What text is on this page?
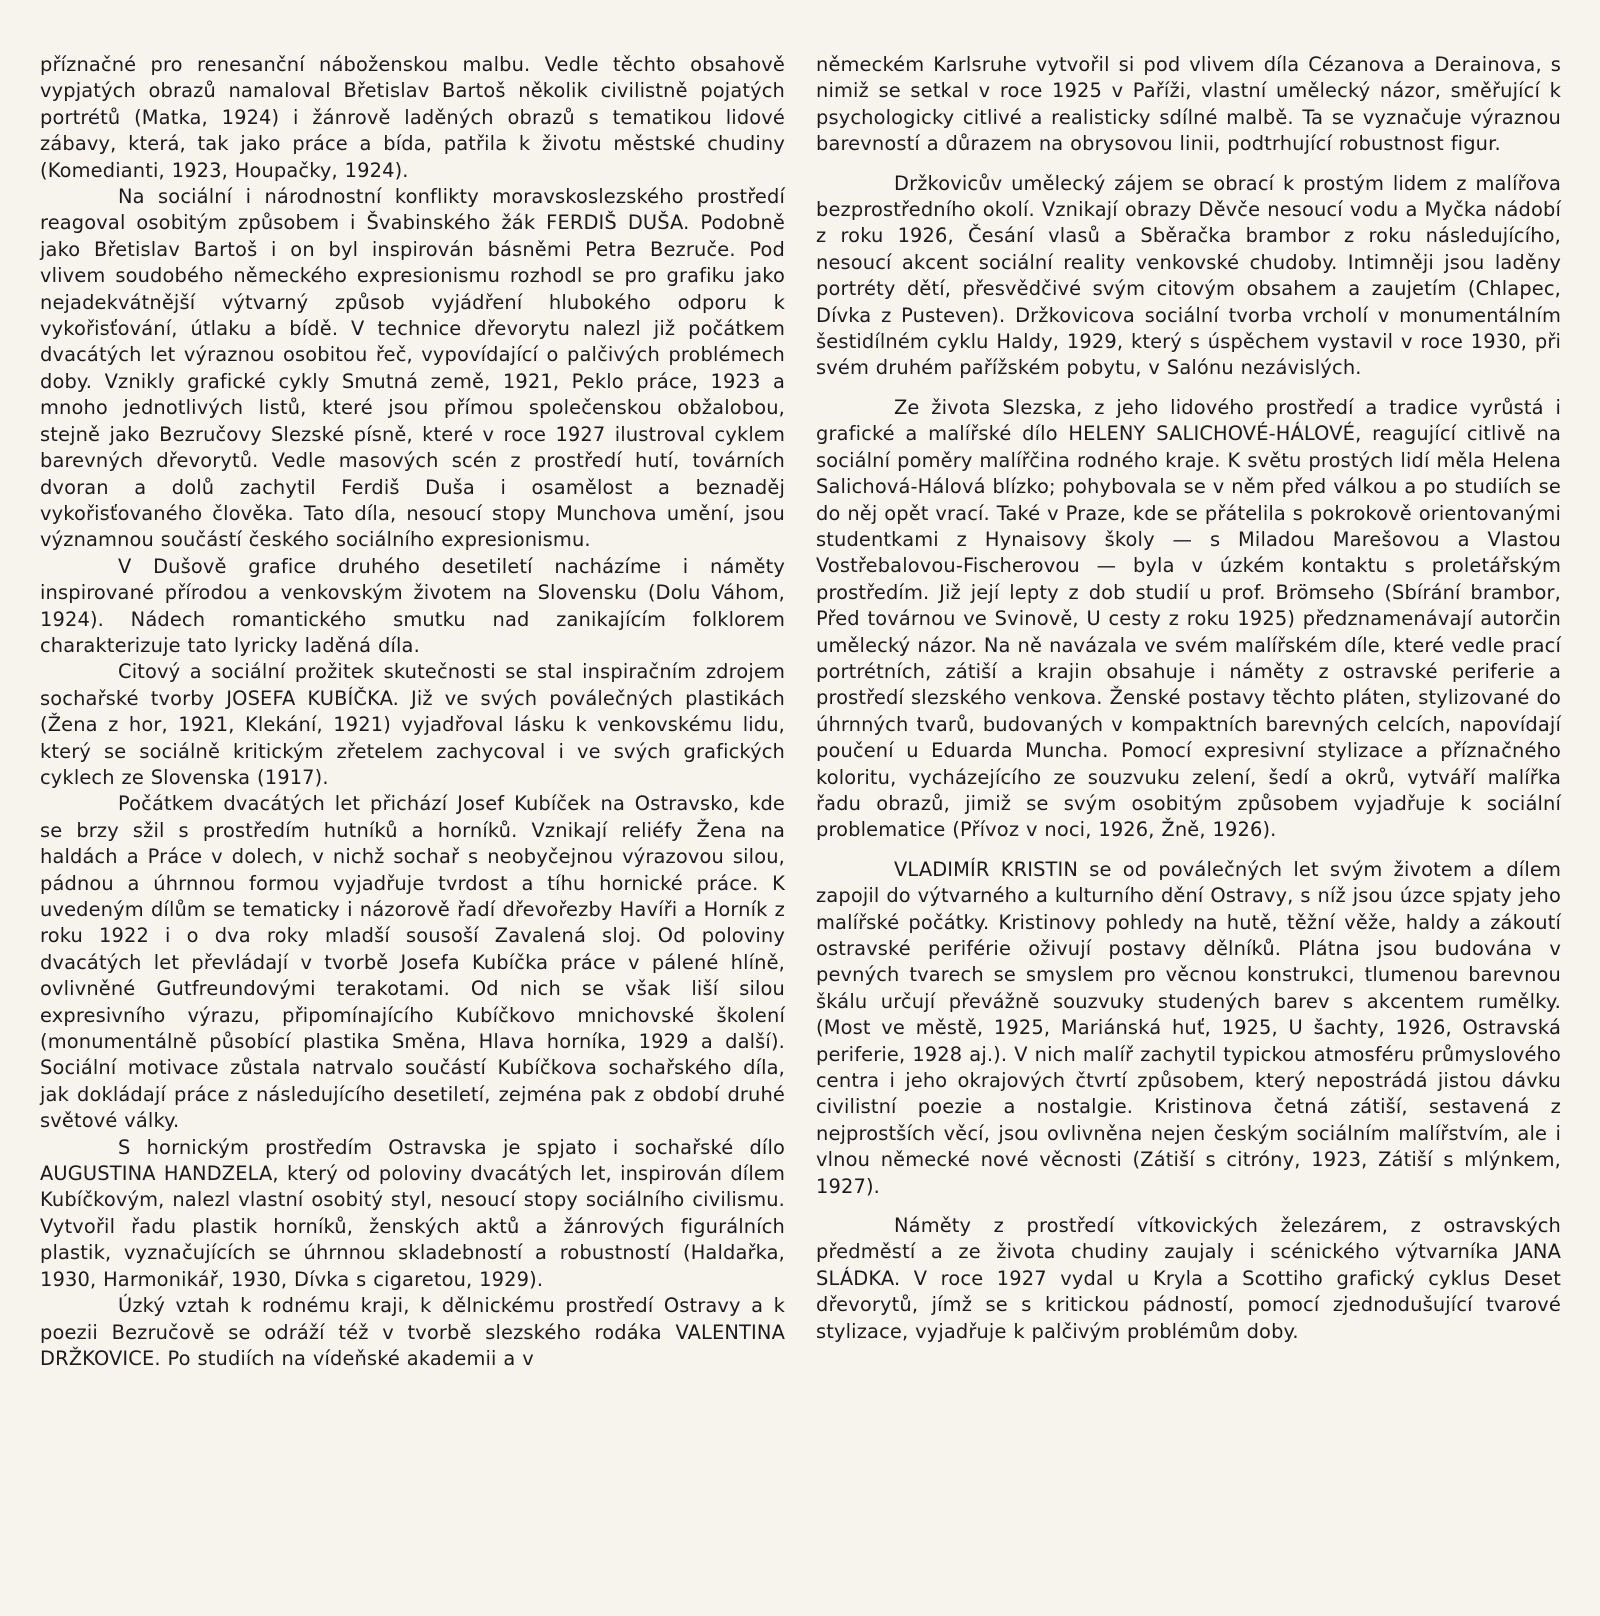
příznačné pro renesanční náboženskou malbu. Vedle těchto obsahově vypjatých obrazů namaloval Břetislav Bartoš několik civilistně pojatých portrétů (Matka, 1924) i žánrově laděných obrazů s tematikou lidové zábavy, která, tak jako práce a bída, patřila k životu městské chudiny (Komedianti, 1923, Houpačky, 1924).

Na sociální i národnostní konflikty moravskoslezského prostředí reagoval osobitým způsobem i Švabinského žák FERDIŠ DUŠA. Podobně jako Břetislav Bartoš i on byl inspirován básněmi Petra Bezruče. Pod vlivem soudobého německého expresionismu rozhodl se pro grafiku jako nejadekvátnější výtvarný způsob vyjádření hlubokého odporu k vykořisťování, útlaku a bídě. V technice dřevorytu nalezl již počátkem dvacátých let výraznou osobitou řeč, vypovídající o palčivých problémech doby. Vznikly grafické cykly Smutná země, 1921, Peklo práce, 1923 a mnoho jednotlivých listů, které jsou přímou společenskou obžalobou, stejně jako Bezručovy Slezské písně, které v roce 1927 ilustroval cyklem barevných dřevorytů. Vedle masových scén z prostředí hutí, továrních dvoran a dolů zachytil Ferdiš Duša i osamělost a beznaděj vykořisťovaného člověka. Tato díla, nesoucí stopy Munchova umění, jsou významnou součástí českého sociálního expresionismu.

V Dušově grafice druhého desetiletí nacházíme i náměty inspirované přírodou a venkovským životem na Slovensku (Dolu Váhom, 1924). Nádech romantického smutku nad zanikajícím folklorem charakterizuje tato lyricky laděná díla.

Citový a sociální prožitek skutečnosti se stal inspiračním zdrojem sochařské tvorby JOSEFA KUBÍČKA. Již ve svých poválečných plastikách (Žena z hor, 1921, Klekání, 1921) vyjadřoval lásku k venkovskému lidu, který se sociálně kritickým zřetelem zachycoval i ve svých grafických cyklech ze Slovenska (1917).

Počátkem dvacátých let přichází Josef Kubíček na Ostravsko, kde se brzy sžil s prostředím hutníků a horníků. Vznikají reliéfy Žena na haldách a Práce v dolech, v nichž sochař s neobyčejnou výrazovou silou, pádnou a úhrnnou formou vyjadřuje tvrdost a tíhu hornické práce. K uvedeným dílům se tematicky i názorově řadí dřevořezby Havíři a Horník z roku 1922 i o dva roky mladší sousoší Zavalená sloj. Od poloviny dvacátých let převládají v tvorbě Josefa Kubíčka práce v pálené hlíně, ovlivněné Gutfreundovými terakotami. Od nich se však liší silou expresivního výrazu, připomínajícího Kubíčkovo mnichovské školení (monumentálně působící plastika Směna, Hlava horníka, 1929 a další). Sociální motivace zůstala natrvalo součástí Kubíčkova sochařského díla, jak dokládají práce z následujícího desetiletí, zejména pak z období druhé světové války.

S hornickým prostředím Ostravska je spjato i sochařské dílo AUGUSTINA HANDZELA, který od poloviny dvacátých let, inspirován dílem Kubíčkovým, nalezl vlastní osobitý styl, nesoucí stopy sociálního civilismu. Vytvořil řadu plastik horníků, ženských aktů a žánrových figurálních plastik, vyznačujících se úhrnnou skladebností a robustností (Haldařka, 1930, Harmonikář, 1930, Dívka s cigaretou, 1929).

Úzký vztah k rodnému kraji, k dělnickému prostředí Ostravy a k poezii Bezručově se odráží též v tvorbě slezského rodáka VALENTINA DRŽKOVICE. Po studiích na vídeňské akademii a v

německém Karlsruhe vytvořil si pod vlivem díla Cézanova a Derainova, s nimiž se setkal v roce 1925 v Paříži, vlastní umělecký názor, směřující k psychologicky citlivé a realisticky sdílné malbě. Ta se vyznačuje výraznou barevností a důrazem na obrysovou linii, podtrhující robustnost figur.

Držkovicův umělecký zájem se obrací k prostým lidem z malířova bezprostředního okolí. Vznikají obrazy Děvče nesoucí vodu a Myčka nádobí z roku 1926, Česání vlasů a Sběračka brambor z roku následujícího, nesoucí akcent sociální reality venkovské chudoby. Intimněji jsou laděny portréty dětí, přesvědčivé svým citovým obsahem a zaujetím (Chlapec, Dívka z Pusteven). Držkovicova sociální tvorba vrcholí v monumentálním šestidílném cyklu Haldy, 1929, který s úspěchem vystavil v roce 1930, při svém druhém pařížském pobytu, v Salónu nezávislých.

Ze života Slezska, z jeho lidového prostředí a tradice vyrůstá i grafické a malířské dílo HELENY SALICHOVÉ-HÁLOVÉ, reagující citlivě na sociální poměry malířčina rodného kraje. K světu prostých lidí měla Helena Salichová-Hálová blízko; pohybovala se v něm před válkou a po studiích se do něj opět vrací. Také v Praze, kde se přátelila s pokrokově orientovanými studentkami z Hynaisovy školy — s Miladou Marešovou a Vlastou Vostřebalovou-Fischerovou — byla v úzkém kontaktu s proletářským prostředím. Již její lepty z dob studií u prof. Brömseho (Sbírání brambor, Před továrnou ve Svinově, U cesty z roku 1925) předznamenávají autorčin umělecký názor. Na ně navázala ve svém malířském díle, které vedle prací portrétních, zátiší a krajin obsahuje i náměty z ostravské periferie a prostředí slezského venkova. Ženské postavy těchto pláten, stylizované do úhrnných tvarů, budovaných v kompaktních barevných celcích, napovídají poučení u Eduarda Muncha. Pomocí expresivní stylizace a příznačného koloritu, vycházejícího ze souzvuku zelení, šedí a okrů, vytváří malířka řadu obrazů, jimiž se svým osobitým způsobem vyjadřuje k sociální problematice (Přívoz v noci, 1926, Žně, 1926).

VLADIMÍR KRISTIN se od poválečných let svým životem a dílem zapojil do výtvarného a kulturního dění Ostravy, s níž jsou úzce spjaty jeho malířské počátky. Kristinovy pohledy na hutě, těžní věže, haldy a zákoutí ostravské periférie oživují postavy dělníků. Plátna jsou budována v pevných tvarech se smyslem pro věcnou konstrukci, tlumenou barevnou škálu určují převážně souzvuky studených barev s akcentem rumělky. (Most ve městě, 1925, Mariánská huť, 1925, U šachty, 1926, Ostravská periferie, 1928 aj.). V nich malíř zachytil typickou atmosféru průmyslového centra i jeho okrajových čtvrtí způsobem, který nepostrádá jistou dávku civilistní poezie a nostalgie. Kristinova četná zátiší, sestavená z nejprostších věcí, jsou ovlivněna nejen českým sociálním malířstvím, ale i vlnou německé nové věcnosti (Zátiší s citróny, 1923, Zátiší s mlýnkem, 1927).

Náměty z prostředí vítkovických železárem, z ostravských předměstí a ze života chudiny zaujaly i scénického výtvarníka JANA SLÁDKA. V roce 1927 vydal u Kryla a Scottiho grafický cyklus Deset dřevorytů, jímž se s kritickou pádností, pomocí zjednodušující tvarové stylizace, vyjadřuje k palčivým problémům doby.
